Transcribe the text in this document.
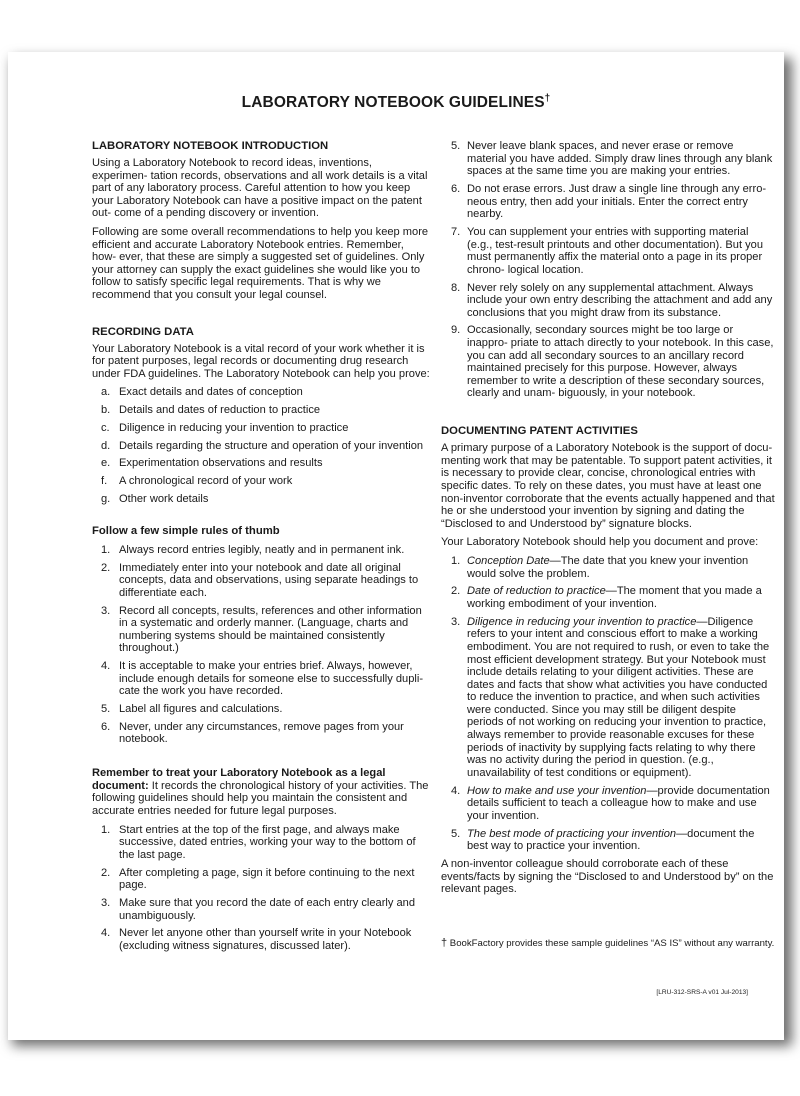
LABORATORY NOTEBOOK GUIDELINES†
LABORATORY NOTEBOOK INTRODUCTION

Using a Laboratory Notebook to record ideas, inventions, experimen- tation records, observations and all work details is a vital part of any laboratory process. Careful attention to how you keep your Laboratory Notebook can have a positive impact on the patent out- come of a pending discovery or invention.

Following are some overall recommendations to help you keep more efficient and accurate Laboratory Notebook entries. Remember, how- ever, that these are simply a suggested set of guidelines. Only your attorney can supply the exact guidelines she would like you to follow to satisfy specific legal requirements. That is why we recommend that you consult your legal counsel.

RECORDING DATA

Your Laboratory Notebook is a vital record of your work whether it is for patent purposes, legal records or documenting drug research under FDA guidelines. The Laboratory Notebook can help you prove:

a. Exact details and dates of conception
b. Details and dates of reduction to practice
c. Diligence in reducing your invention to practice
d. Details regarding the structure and operation of your invention
e. Experimentation observations and results
f. A chronological record of your work
g. Other work details
Follow a few simple rules of thumb
1. Always record entries legibly, neatly and in permanent ink.
2. Immediately enter into your notebook and date all original concepts, data and observations, using separate headings to differentiate each.
3. Record all concepts, results, references and other information in a systematic and orderly manner. (Language, charts and numbering systems should be maintained consistently throughout.)
4. It is acceptable to make your entries brief. Always, however, include enough details for someone else to successfully dupli- cate the work you have recorded.
5. Label all figures and calculations.
6. Never, under any circumstances, remove pages from your notebook.

Remember to treat your Laboratory Notebook as a legal document: It records the chronological history of your activities. The following guidelines should help you maintain the consistent and accurate entries needed for future legal purposes.

1. Start entries at the top of the first page, and always make successive, dated entries, working your way to the bottom of the last page.
2. After completing a page, sign it before continuing to the next page.
3. Make sure that you record the date of each entry clearly and unambiguously.
4. Never let anyone other than yourself write in your Notebook (excluding witness signatures, discussed later).
5. Never leave blank spaces, and never erase or remove material you have added. Simply draw lines through any blank spaces at the same time you are making your entries.
6. Do not erase errors. Just draw a single line through any erro- neous entry, then add your initials. Enter the correct entry nearby.
7. You can supplement your entries with supporting material (e.g., test-result printouts and other documentation). But you must permanently affix the material onto a page in its proper chrono- logical location.
8. Never rely solely on any supplemental attachment. Always include your own entry describing the attachment and add any conclusions that you might draw from its substance.
9. Occasionally, secondary sources might be too large or inappro- priate to attach directly to your notebook. In this case, you can add all secondary sources to an ancillary record maintained precisely for this purpose. However, always remember to write a description of these secondary sources, clearly and unam- biguously, in your notebook.
DOCUMENTING PATENT ACTIVITIES

A primary purpose of a Laboratory Notebook is the support of docu- menting work that may be patentable. To support patent activities, it is necessary to provide clear, concise, chronological entries with specific dates. To rely on these dates, you must have at least one non-inventor corroborate that the events actually happened and that he or she understood your invention by signing and dating the “Disclosed to and Understood by” signature blocks.

Your Laboratory Notebook should help you document and prove:

1. Conception Date—The date that you knew your invention would solve the problem.
2. Date of reduction to practice—The moment that you made a working embodiment of your invention.
3. Diligence in reducing your invention to practice—Diligence refers to your intent and conscious effort to make a working embodiment. You are not required to rush, or even to take the most efficient development strategy. But your Notebook must include details relating to your diligent activities. These are dates and facts that show what activities you have conducted to reduce the invention to practice, and when such activities were conducted. Since you may still be diligent despite periods of not working on reducing your invention to practice, always remember to provide reasonable excuses for these periods of inactivity by supplying facts relating to why there was no activity during the period in question. (e.g., unavailability of test conditions or equipment).
4. How to make and use your invention—provide documentation details sufficient to teach a colleague how to make and use your invention.
5. The best mode of practicing your invention—document the best way to practice your invention.

A non-inventor colleague should corroborate each of these events/facts by signing the “Disclosed to and Understood by” on the relevant pages.

† BookFactory provides these sample guidelines “AS IS” without any warranty.
[LRU-312-SRS-A v01 Jul-2013]
